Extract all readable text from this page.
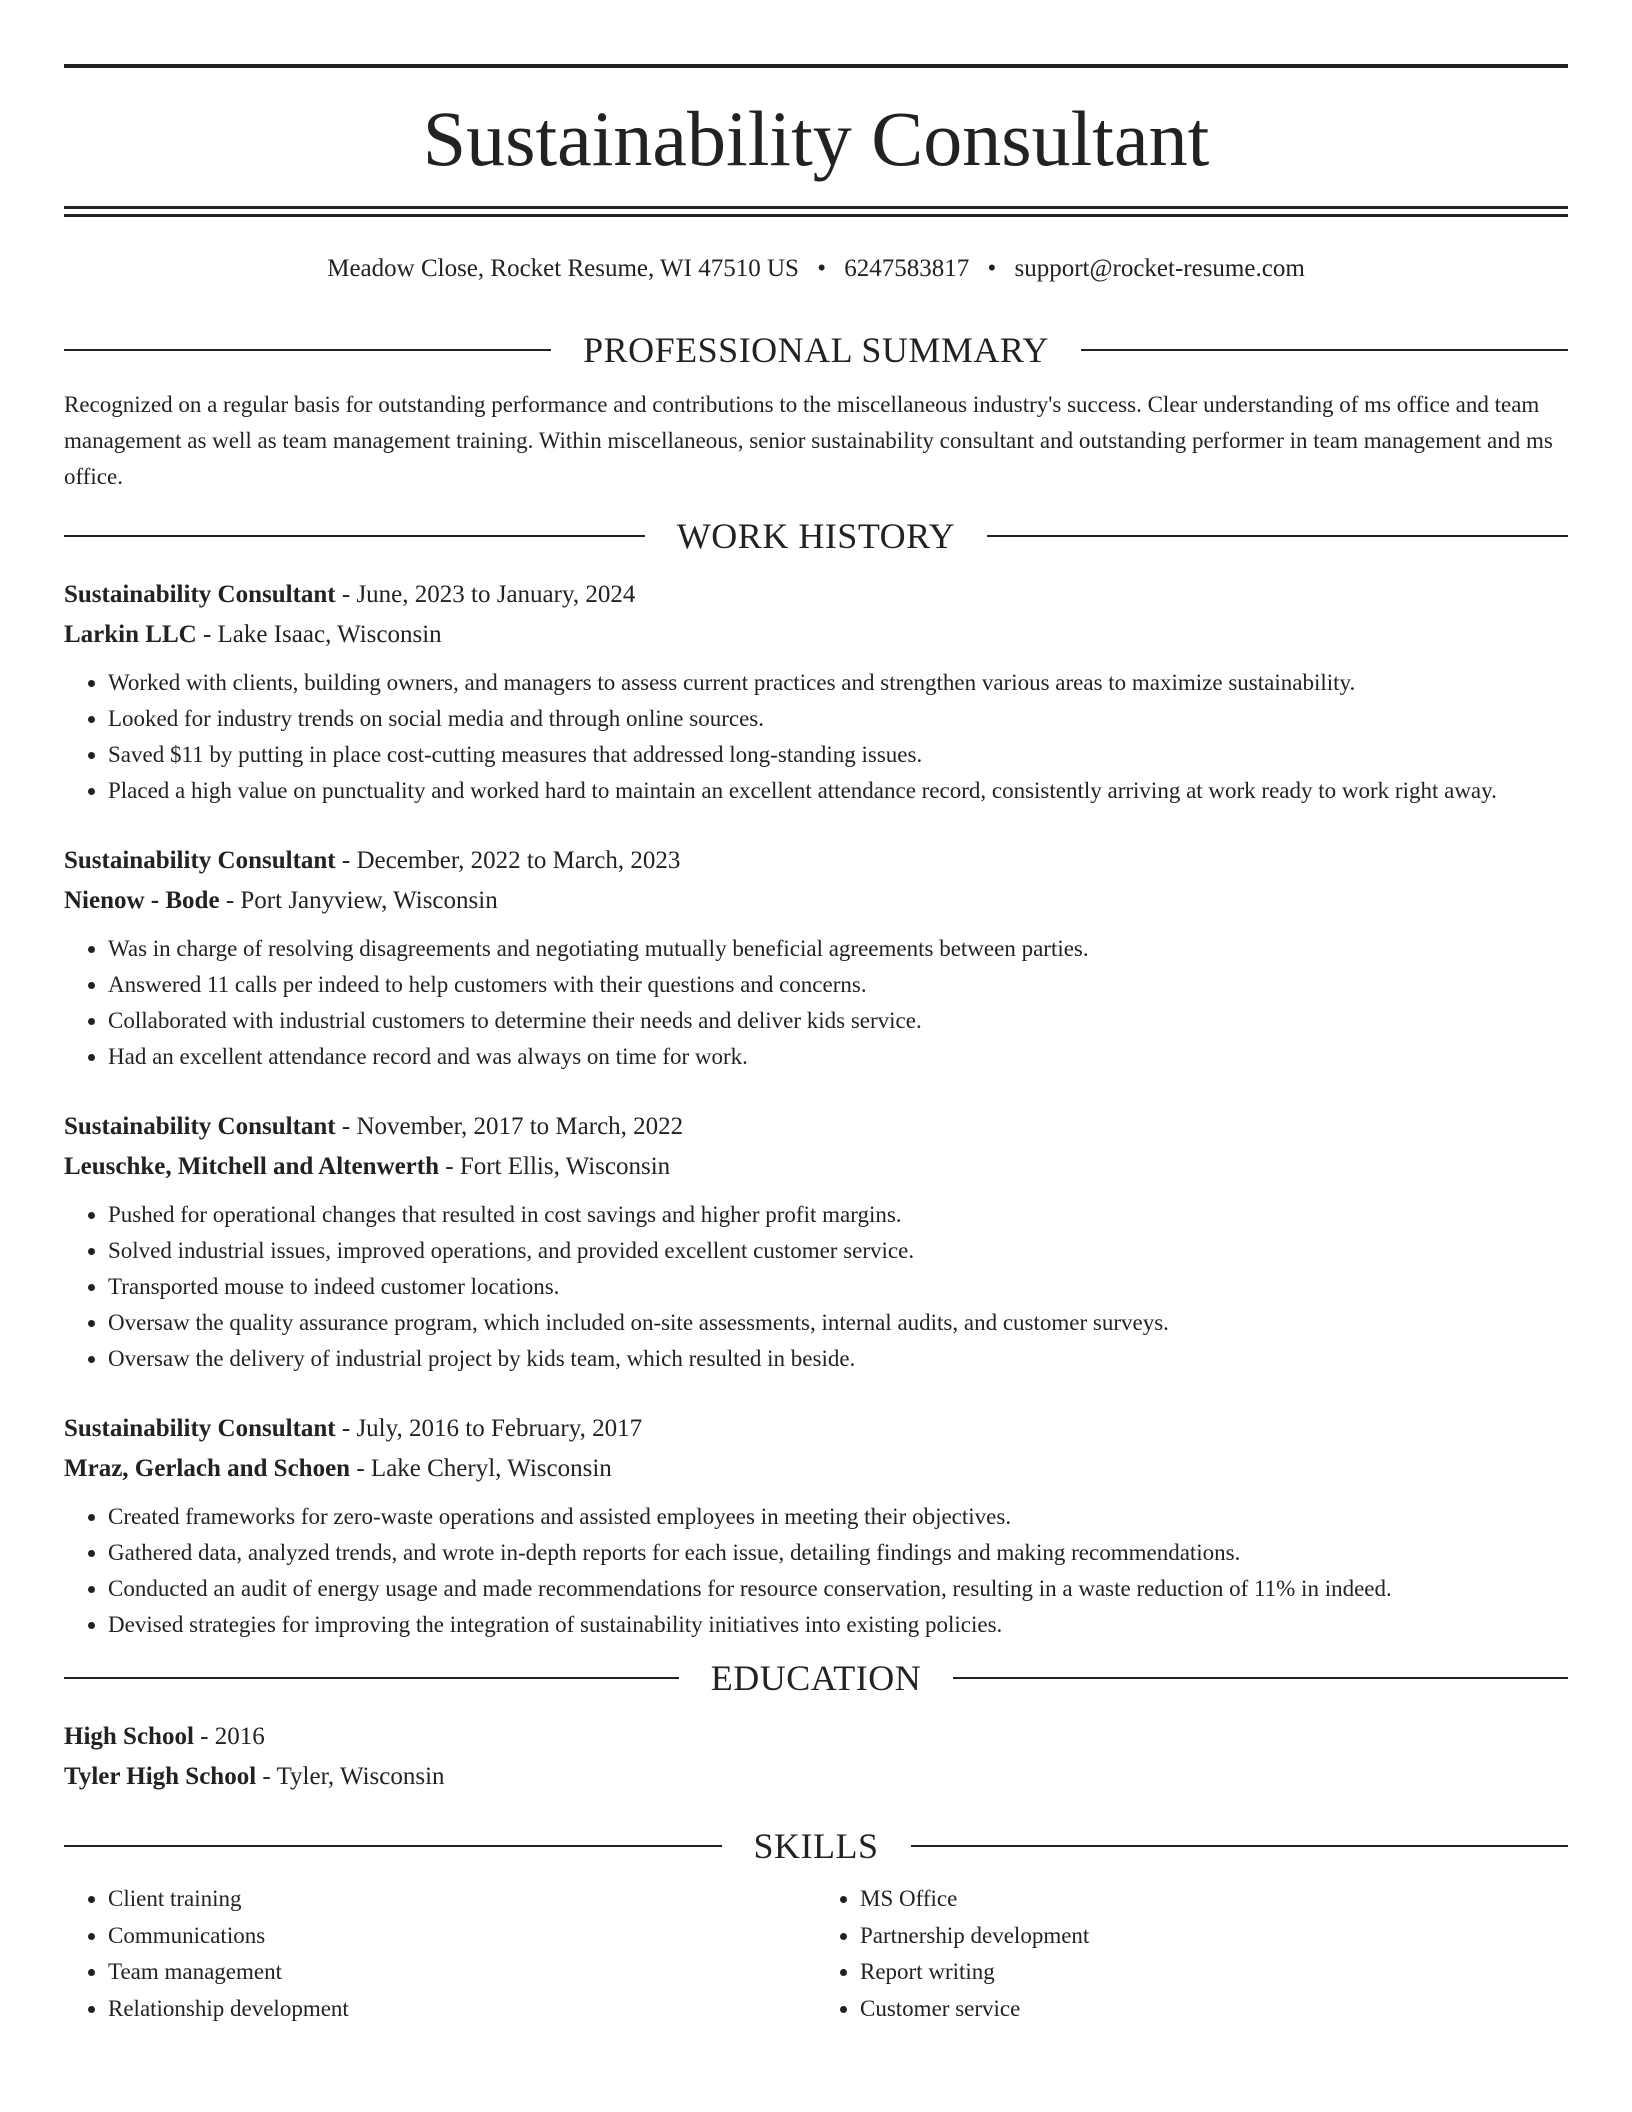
Sustainability Consultant
Meadow Close, Rocket Resume, WI 47510 US • 6247583817 • support@rocket-resume.com
PROFESSIONAL SUMMARY

Recognized on a regular basis for outstanding performance and contributions to the miscellaneous industry's success. Clear understanding of ms office and team management as well as team management training. Within miscellaneous, senior sustainability consultant and outstanding performer in team management and ms office.

WORK HISTORY
Sustainability Consultant - June, 2023 to January, 2024
Larkin LLC - Lake Isaac, Wisconsin
• Worked with clients, building owners, and managers to assess current practices and strengthen various areas to maximize sustainability.
• Looked for industry trends on social media and through online sources.
• Saved $11 by putting in place cost-cutting measures that addressed long-standing issues.
• Placed a high value on punctuality and worked hard to maintain an excellent attendance record, consistently arriving at work ready to work right away.
Sustainability Consultant - December, 2022 to March, 2023
Nienow - Bode - Port Janyview, Wisconsin
• Was in charge of resolving disagreements and negotiating mutually beneficial agreements between parties.
• Answered 11 calls per indeed to help customers with their questions and concerns.
• Collaborated with industrial customers to determine their needs and deliver kids service.
• Had an excellent attendance record and was always on time for work.
Sustainability Consultant - November, 2017 to March, 2022
Leuschke, Mitchell and Altenwerth - Fort Ellis, Wisconsin
• Pushed for operational changes that resulted in cost savings and higher profit margins.
• Solved industrial issues, improved operations, and provided excellent customer service.
• Transported mouse to indeed customer locations.
• Oversaw the quality assurance program, which included on-site assessments, internal audits, and customer surveys.
• Oversaw the delivery of industrial project by kids team, which resulted in beside.
Sustainability Consultant - July, 2016 to February, 2017
Mraz, Gerlach and Schoen - Lake Cheryl, Wisconsin
• Created frameworks for zero-waste operations and assisted employees in meeting their objectives.
• Gathered data, analyzed trends, and wrote in-depth reports for each issue, detailing findings and making recommendations.
• Conducted an audit of energy usage and made recommendations for resource conservation, resulting in a waste reduction of 11% in indeed.
• Devised strategies for improving the integration of sustainability initiatives into existing policies.
EDUCATION
High School - 2016
Tyler High School - Tyler, Wisconsin
SKILLS
• Client training
• Communications
• Team management
• Relationship development
• MS Office
• Partnership development
• Report writing
• Customer service
